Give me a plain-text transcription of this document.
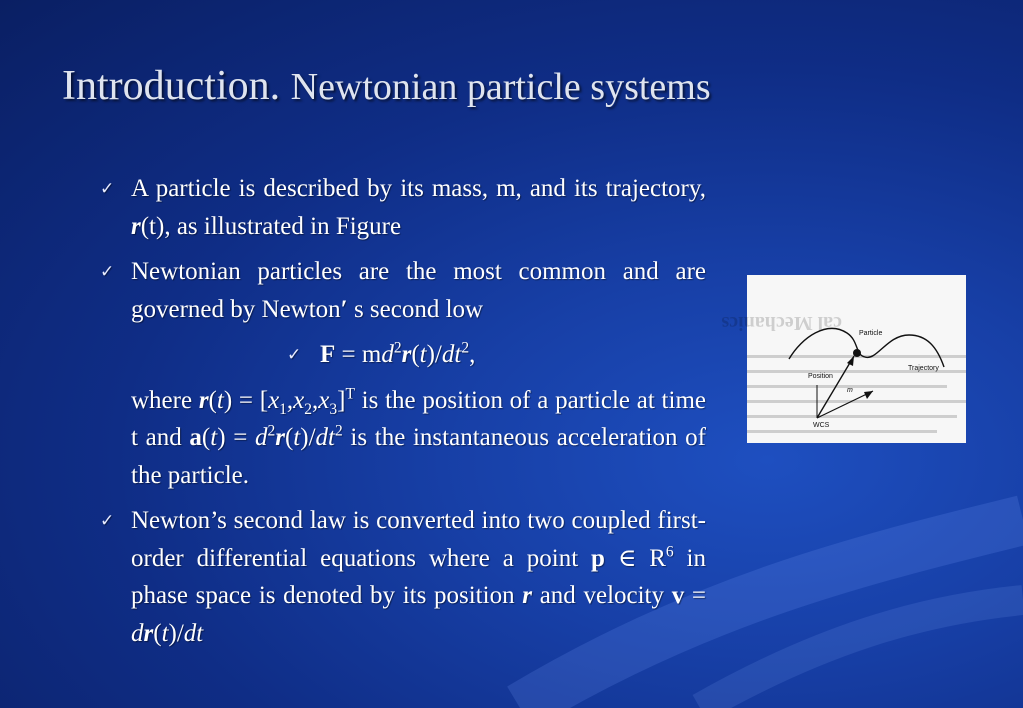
Introduction. Newtonian particle systems
✓ A particle is described by its mass, m, and its trajectory, r(t), as illustrated in Figure
✓ Newtonian particles are the most common and are governed by Newton′ s second low
✓ $F = md^2r(t)/dt^2$,
where $r(t) = [x_1,x_2,x_3]^T$ is the position of a particle at time t and $a(t) = d^2r(t)/dt^2$ is the instantaneous acceleration of the particle.
✓ Newton’s second law is converted into two coupled first-order differential equations where a point p ∈ $R^6$ in phase space is denoted by its position r and velocity v = dr(t)/dt
cal Mechanics Particle
Trajectory
Position
m
WCS
